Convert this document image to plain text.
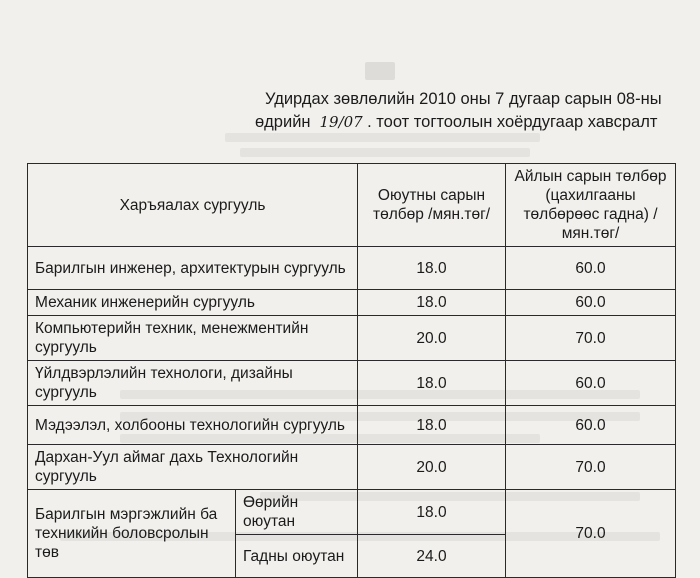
Удирдах зөвлөлийн 2010 оны 7 дугаар сарын 08-ны
өдрийн 19/07 . тоот тогтоолын хоёрдугаар хавсралт
Харъяалах сургууль		Оюутны сарын төлбөр /мян.төг/	Айлын сарын төлбөр (цахилгааны төлбөрөөс гадна) /мян.төг/
Барилгын инженер, архитектурын сургууль		18.0	60.0
Механик инженерийн сургууль		18.0	60.0
Компьютерийн техник, менежментийн сургууль		20.0	70.0
Үйлдвэрлэлийн технологи, дизайны сургууль		18.0	60.0
Мэдээлэл, холбооны технологийн сургууль		18.0	60.0
Дархан-Уул аймаг дахь Технологийн сургууль		20.0	70.0
Барилгын мэргэжлийн ба техникийн боловсролын төв	Өөрийн оюутан	18.0	70.0
	Гадны оюутан	24.0	
